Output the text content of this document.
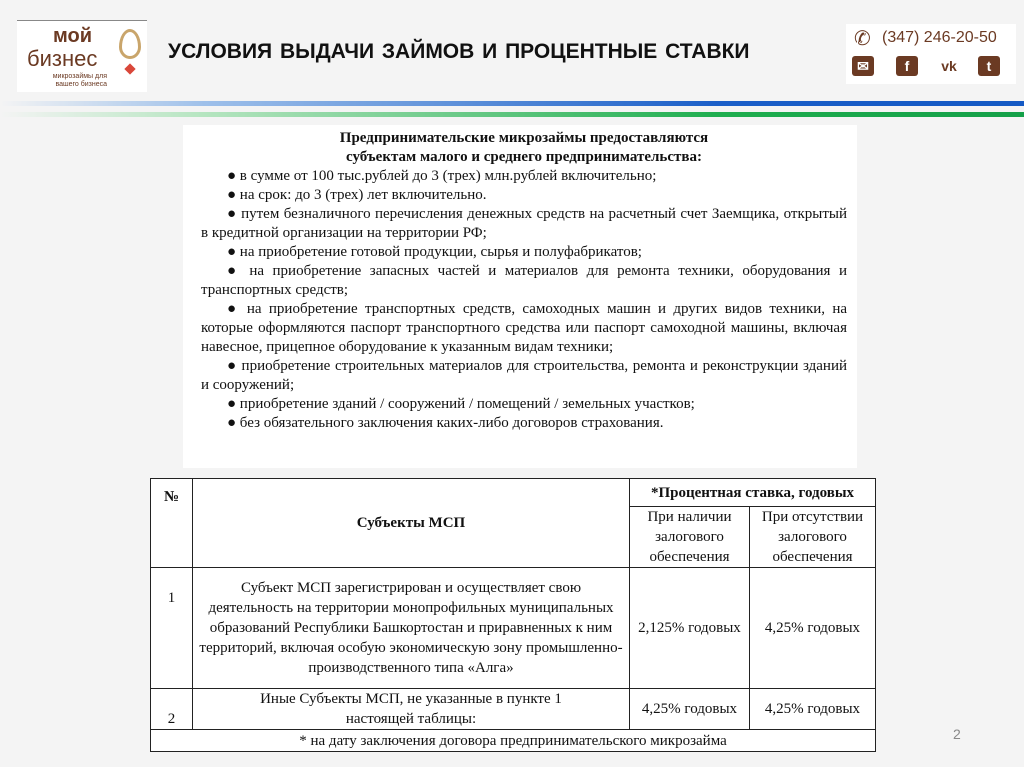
мой
бизнес
микрозаймы для вашего бизнеса
УСЛОВИЯ ВЫДАЧИ ЗАЙМОВ И ПРОЦЕНТНЫЕ СТАВКИ
✆ (347) 246-20-50
✉	f	vk	t
Предпринимательские микрозаймы предоставляются
субъектам малого и среднего предпринимательства:

● в сумме от 100 тыс.рублей до 3 (трех) млн.рублей включительно;

● на срок: до 3 (трех) лет включительно.

● путем безналичного перечисления денежных средств на расчетный счет Заемщика, открытый в кредитной организации на территории РФ;

● на приобретение готовой продукции, сырья и полуфабрикатов;

● на приобретение запасных частей и материалов для ремонта техники, оборудования и транспортных средств;

● на приобретение транспортных средств, самоходных машин и других видов техники, на которые оформляются паспорт транспортного средства или паспорт самоходной машины, включая навесное, прицепное оборудование к указанным видам техники;

● приобретение строительных материалов для строительства, ремонта и реконструкции зданий и сооружений;

● приобретение зданий / сооружений / помещений / земельных участков;

● без обязательного заключения каких-либо договоров страхования.

№	Субъекты МСП	*Процентная ставка, годовых	
		При наличии залогового обеспечения	При отсутствии залогового обеспечения
1	Субъект МСП зарегистрирован и осуществляет свою деятельность на территории монопрофильных муниципальных образований Республики Башкортостан и приравненных к ним территорий, включая особую экономическую зону промышленно-производственного типа «Алга»	2,125% годовых	4,25% годовых
2	Иные Субъекты МСП, не указанные в пункте 1 настоящей таблицы:	4,25% годовых	4,25% годовых
* на дату заключения договора предпринимательского микрозайма				2
